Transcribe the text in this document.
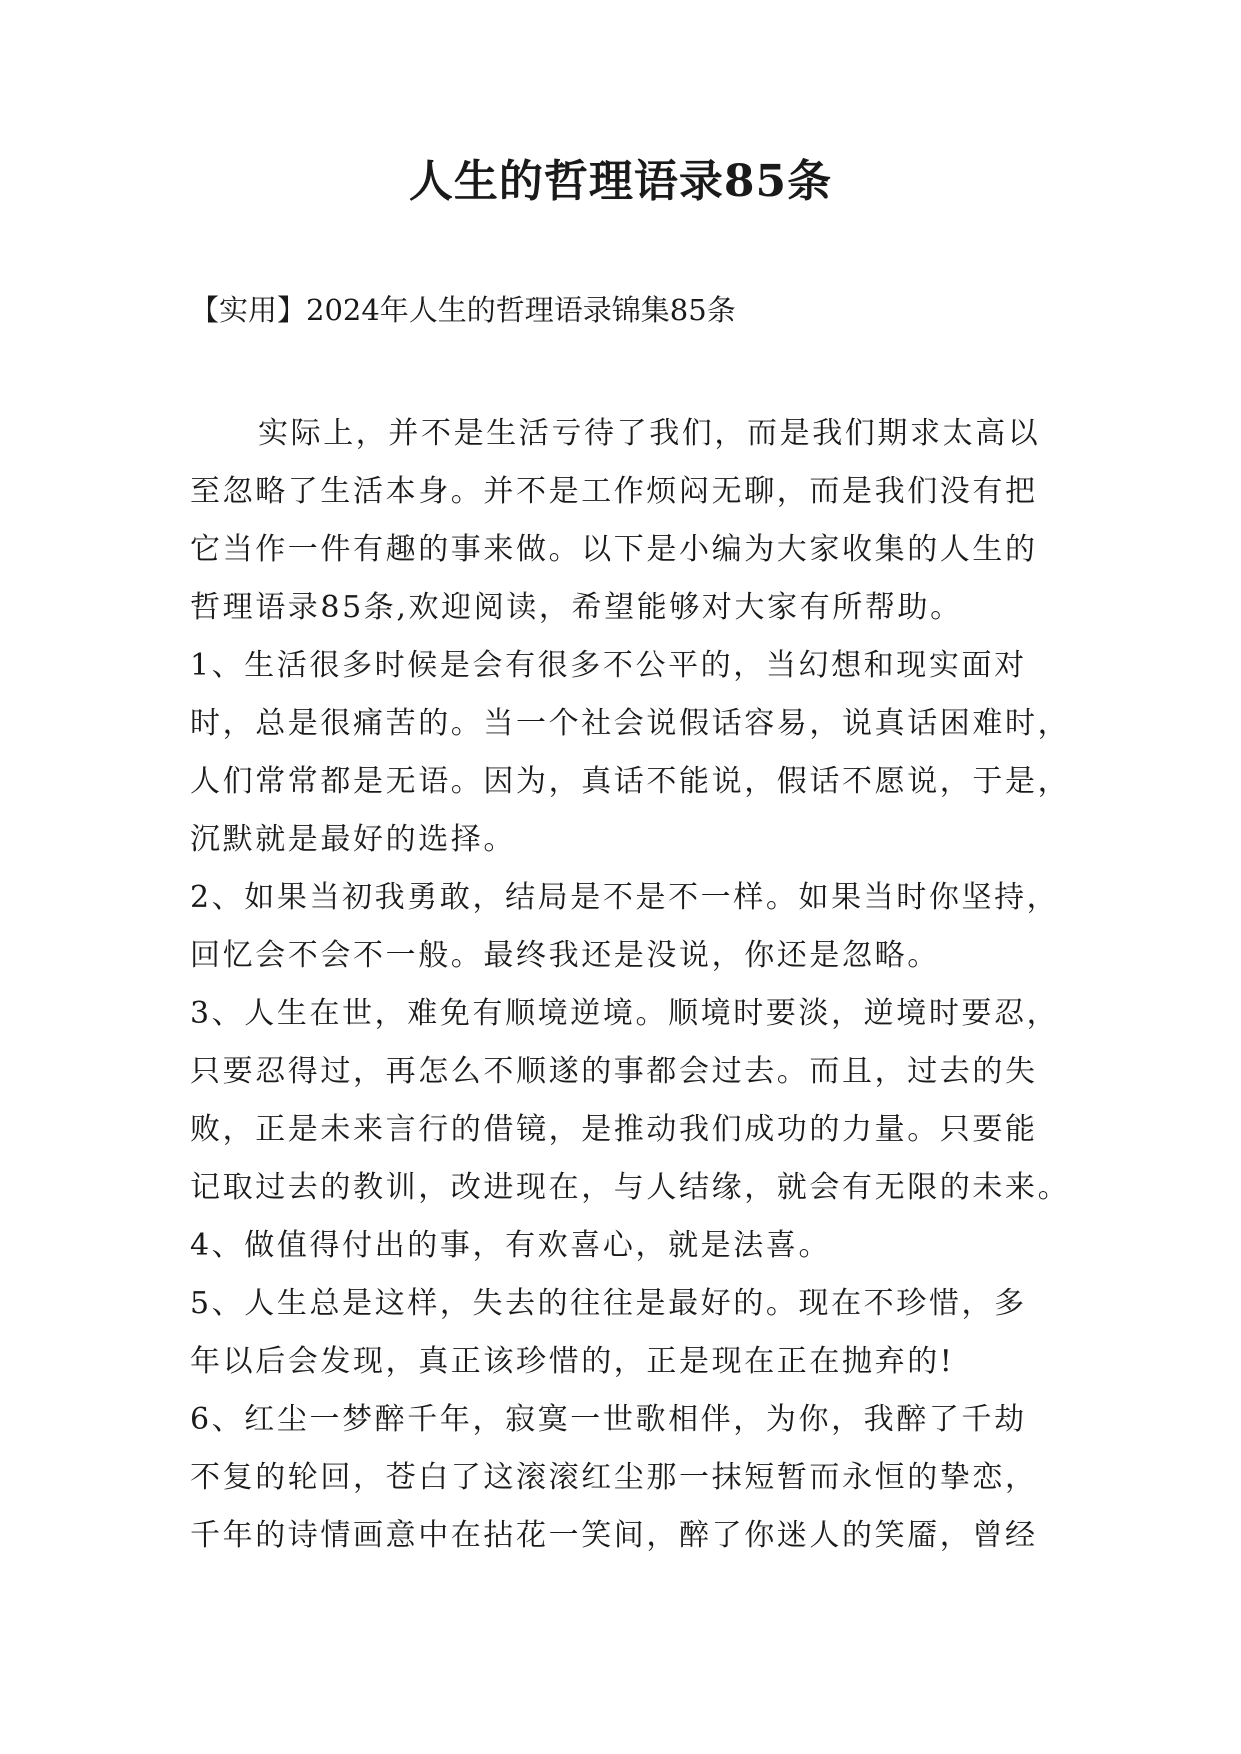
人生的哲理语录85条

【实用】2024年人生的哲理语录锦集85条

实际上，并不是生活亏待了我们，而是我们期求太高以
至忽略了生活本身。并不是工作烦闷无聊，而是我们没有把
它当作一件有趣的事来做。以下是小编为大家收集的人生的
哲理语录85条,欢迎阅读，希望能够对大家有所帮助。
1、生活很多时候是会有很多不公平的，当幻想和现实面对
时，总是很痛苦的。当一个社会说假话容易，说真话困难时，
人们常常都是无语。因为，真话不能说，假话不愿说，于是，
沉默就是最好的选择。
2、如果当初我勇敢，结局是不是不一样。如果当时你坚持，
回忆会不会不一般。最终我还是没说，你还是忽略。
3、人生在世，难免有顺境逆境。顺境时要淡，逆境时要忍，
只要忍得过，再怎么不顺遂的事都会过去。而且，过去的失
败，正是未来言行的借镜，是推动我们成功的力量。只要能
记取过去的教训，改进现在，与人结缘，就会有无限的未来。
4、做值得付出的事，有欢喜心，就是法喜。
5、人生总是这样，失去的往往是最好的。现在不珍惜，多
年以后会发现，真正该珍惜的，正是现在正在抛弃的!
6、红尘一梦醉千年，寂寞一世歌相伴，为你，我醉了千劫
不复的轮回，苍白了这滚滚红尘那一抹短暂而永恒的挚恋，
千年的诗情画意中在拈花一笑间，醉了你迷人的笑靥，曾经
